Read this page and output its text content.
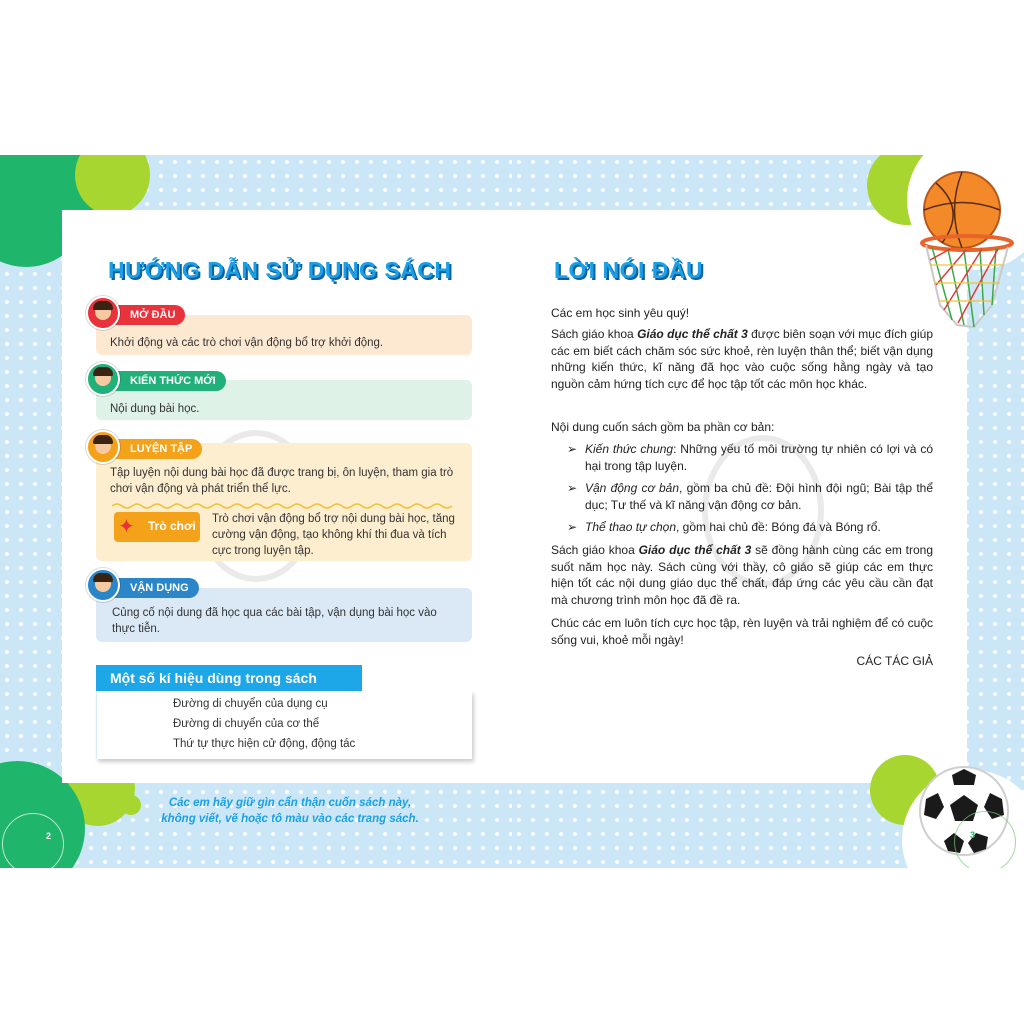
HƯỚNG DẪN SỬ DỤNG SÁCH
MỞ ĐẦU
Khởi động và các trò chơi vận động bổ trợ khởi động.
KIẾN THỨC MỚI
Nội dung bài học.
LUYỆN TẬP
Tập luyện nội dung bài học đã được trang bị, ôn luyện, tham gia trò chơi vận động và phát triển thể lực.
✦ Trò chơi Trò chơi vận động bổ trợ nội dung bài học, tăng cường vận động, tạo không khí thi đua và tích cực trong luyện tập.
VẬN DỤNG
Củng cố nội dung đã học qua các bài tập, vận dụng bài học vào thực tiễn.
Một số kí hiệu dùng trong sách
Đường di chuyển của dụng cụ
Đường di chuyển của cơ thể
Thứ tự thực hiện cử động, động tác
Các em hãy giữ gìn cẩn thận cuốn sách này,
không viết, vẽ hoặc tô màu vào các trang sách.
2	3
LỜI NÓI ĐẦU
Các em học sinh yêu quý!
Sách giáo khoa Giáo dục thể chất 3 được biên soạn với mục đích giúp các em biết cách chăm sóc sức khoẻ, rèn luyện thân thể; biết vận dụng những kiến thức, kĩ năng đã học vào cuộc sống hằng ngày và tạo nguồn cảm hứng tích cực để học tập tốt các môn học khác.
Nội dung cuốn sách gồm ba phần cơ bản:
➢ Kiến thức chung: Những yếu tố môi trường tự nhiên có lợi và có hại trong tập luyện.
➢ Vận động cơ bản, gồm ba chủ đề: Đội hình đội ngũ; Bài tập thể dục; Tư thế và kĩ năng vận động cơ bản.
➢ Thể thao tự chọn, gồm hai chủ đề: Bóng đá và Bóng rổ.
Sách giáo khoa Giáo dục thể chất 3 sẽ đồng hành cùng các em trong suốt năm học này. Sách cùng với thầy, cô giáo sẽ giúp các em thực hiện tốt các nội dung giáo dục thể chất, đáp ứng các yêu cầu cần đạt mà chương trình môn học đã đề ra.
Chúc các em luôn tích cực học tập, rèn luyện và trải nghiệm để có cuộc sống vui, khoẻ mỗi ngày!
CÁC TÁC GIẢ
